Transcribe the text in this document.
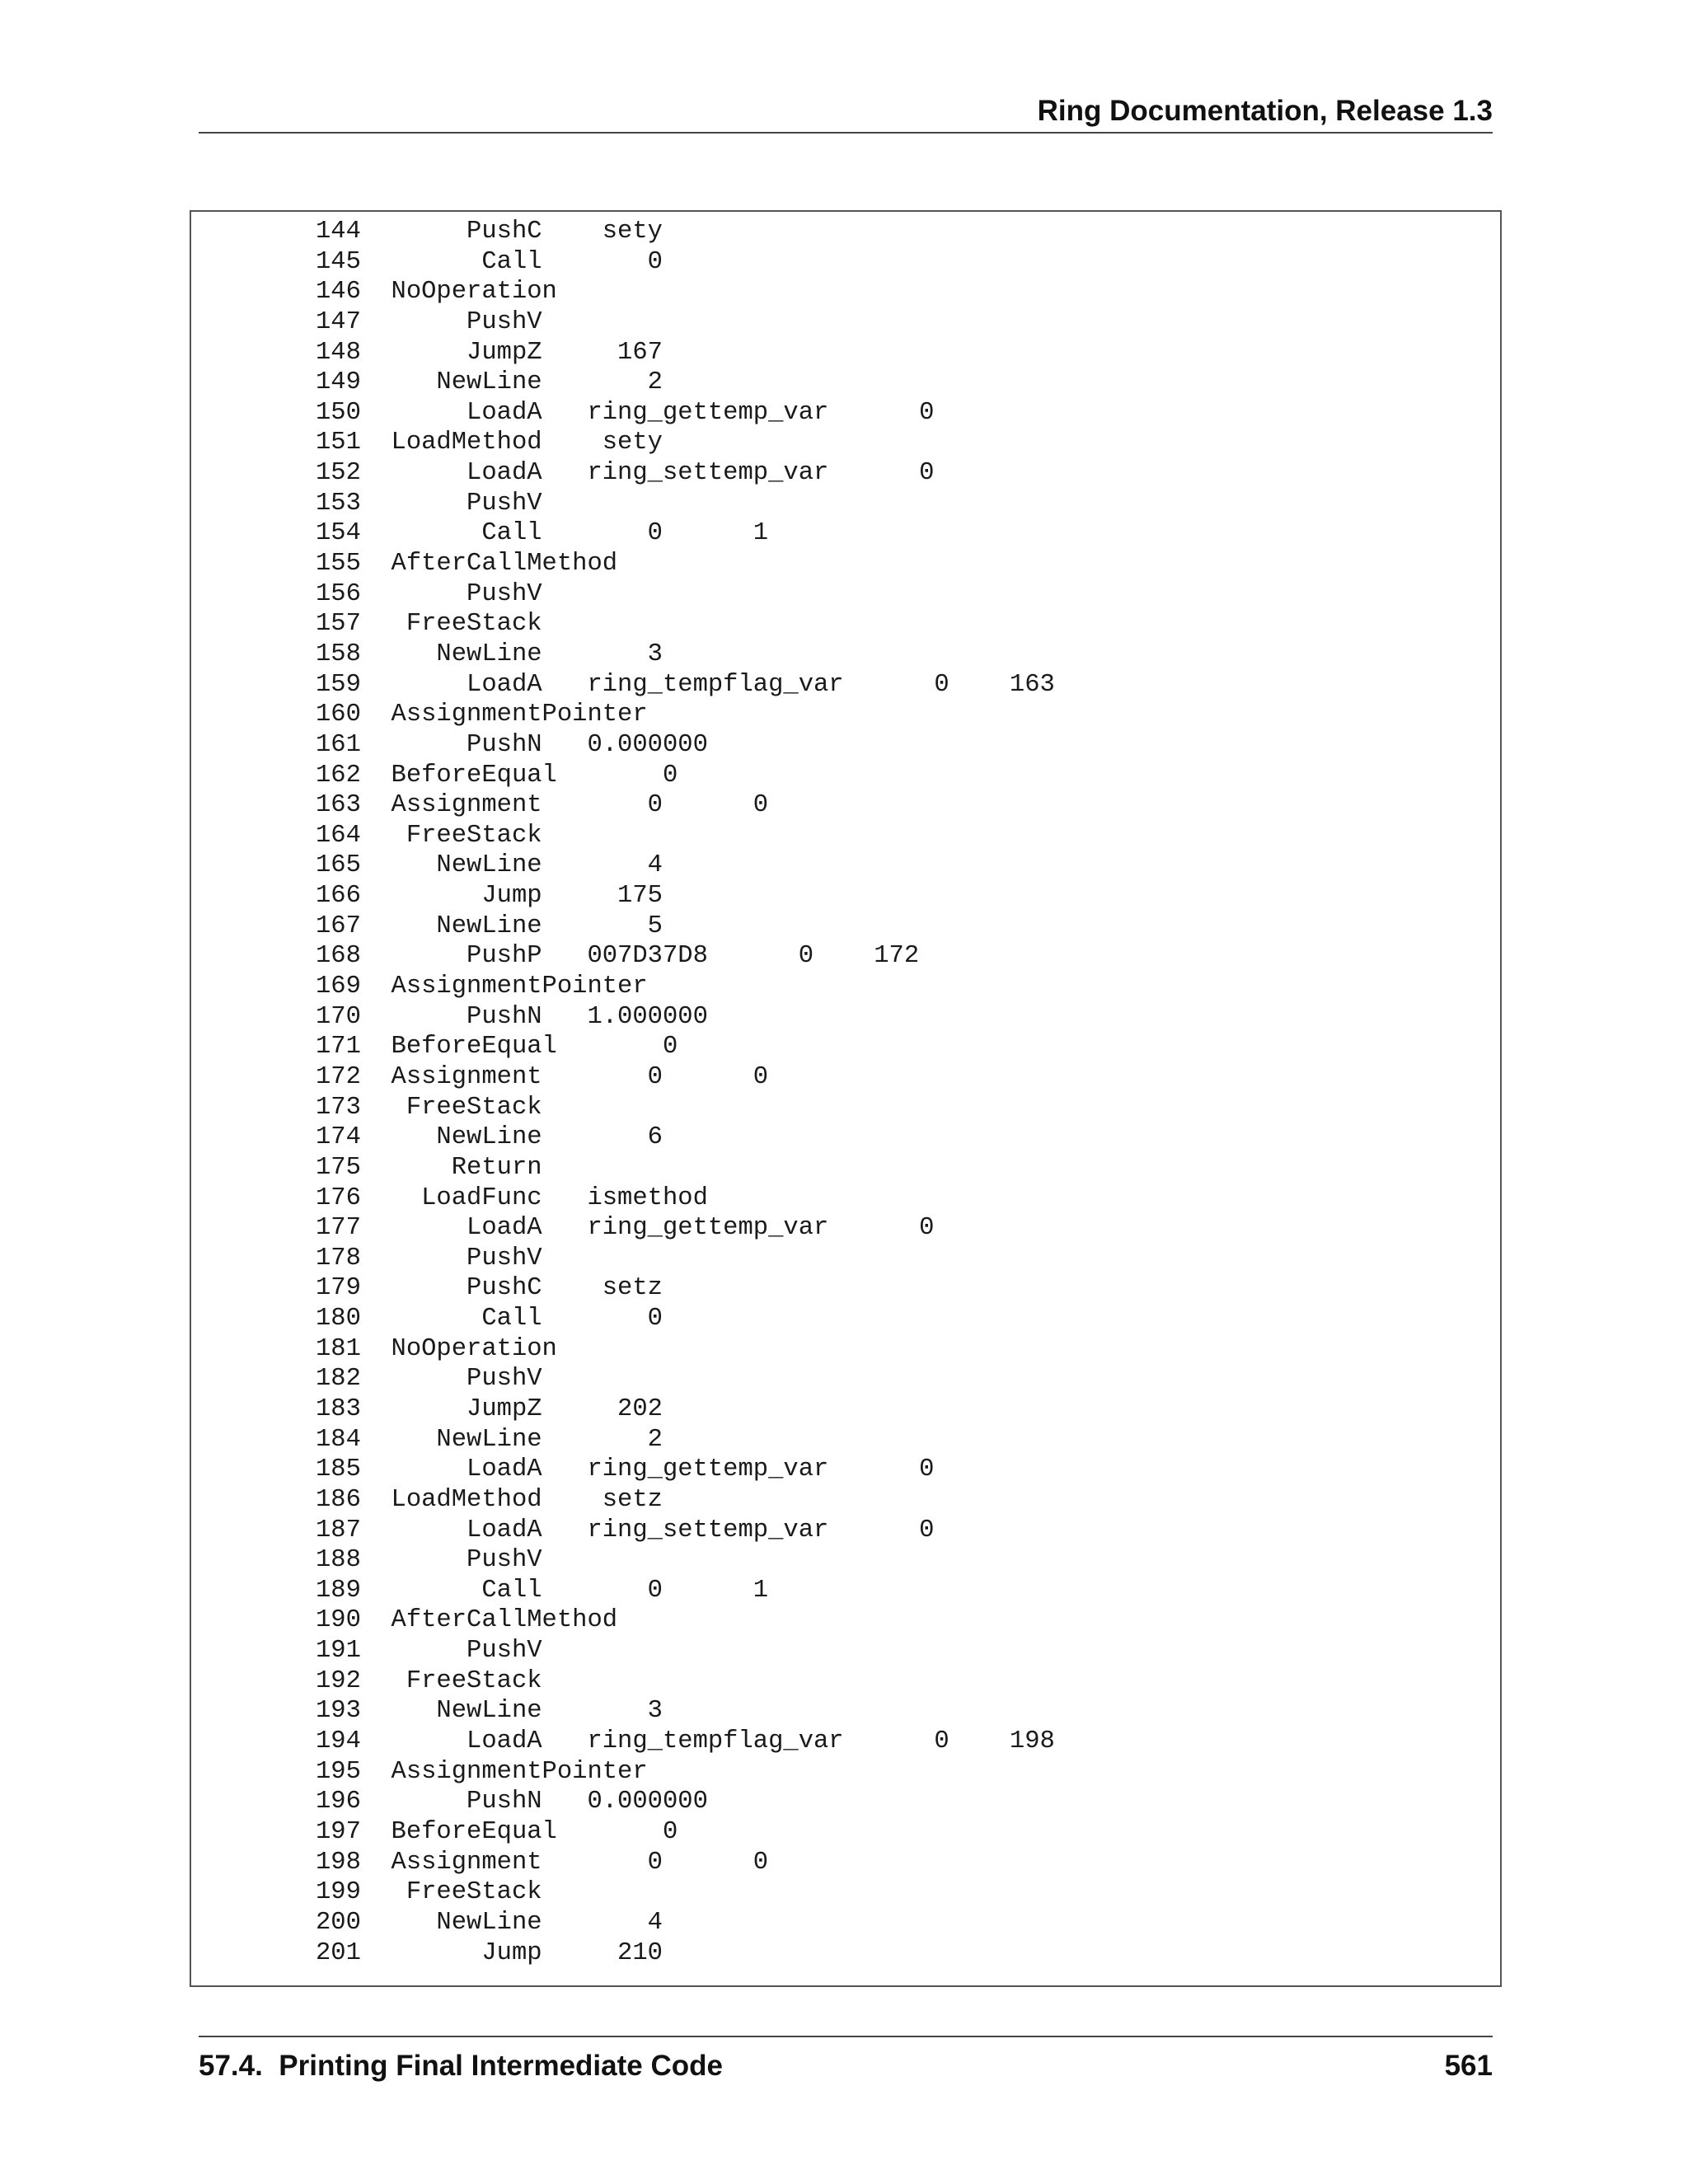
Ring Documentation, Release 1.3
144       PushC    sety
145        Call       0
146  NoOperation
147       PushV
148       JumpZ     167
149     NewLine       2
150       LoadA   ring_gettemp_var      0
151  LoadMethod    sety
152       LoadA   ring_settemp_var      0
153       PushV
154        Call       0      1
155  AfterCallMethod
156       PushV
157   FreeStack
158     NewLine       3
159       LoadA   ring_tempflag_var      0    163
160  AssignmentPointer
161       PushN   0.000000
162  BeforeEqual       0
163  Assignment       0      0
164   FreeStack
165     NewLine       4
166        Jump     175
167     NewLine       5
168       PushP   007D37D8      0    172
169  AssignmentPointer
170       PushN   1.000000
171  BeforeEqual       0
172  Assignment       0      0
173   FreeStack
174     NewLine       6
175      Return
176    LoadFunc   ismethod
177       LoadA   ring_gettemp_var      0
178       PushV
179       PushC    setz
180        Call       0
181  NoOperation
182       PushV
183       JumpZ     202
184     NewLine       2
185       LoadA   ring_gettemp_var      0
186  LoadMethod    setz
187       LoadA   ring_settemp_var      0
188       PushV
189        Call       0      1
190  AfterCallMethod
191       PushV
192   FreeStack
193     NewLine       3
194       LoadA   ring_tempflag_var      0    198
195  AssignmentPointer
196       PushN   0.000000
197  BeforeEqual       0
198  Assignment       0      0
199   FreeStack
200     NewLine       4
201        Jump     210
57.4.  Printing Final Intermediate Code	561
